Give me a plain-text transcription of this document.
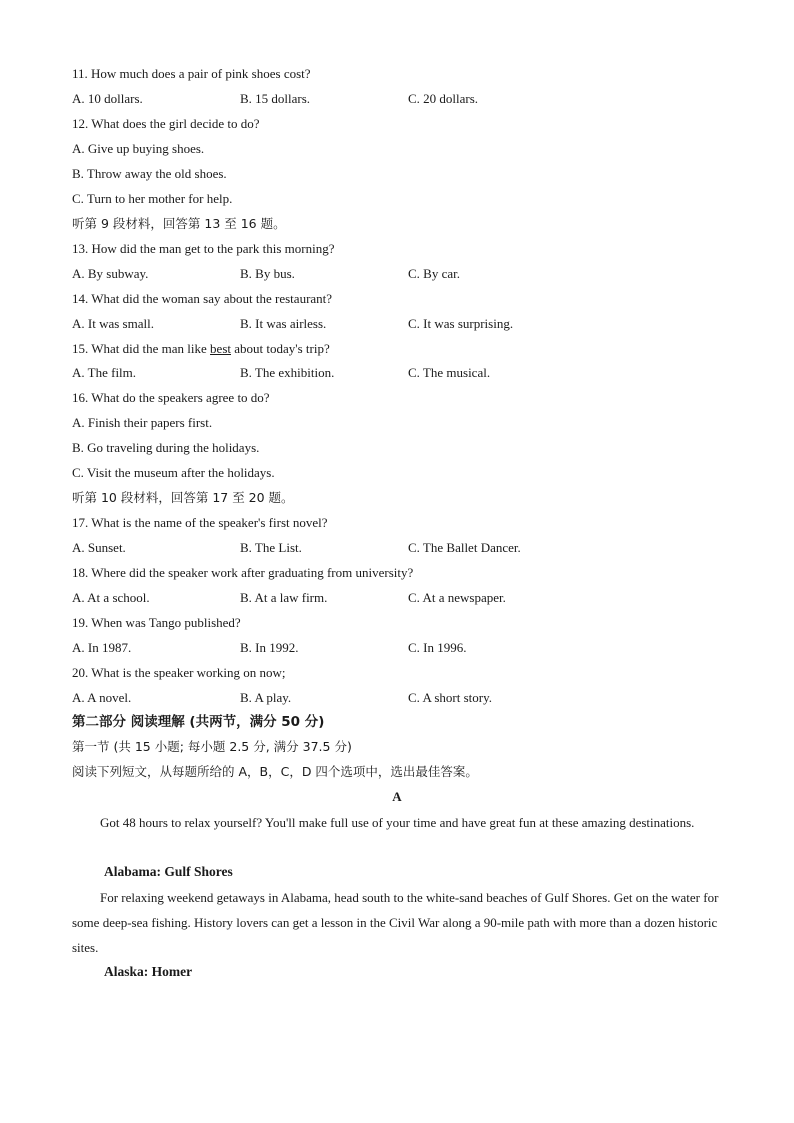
11. How much does a pair of pink shoes cost?
A. 10 dollars.	B. 15 dollars.	C. 20 dollars.
12. What does the girl decide to do?
A. Give up buying shoes.
B. Throw away the old shoes.
C. Turn to her mother for help.
听第 9 段材料，回答第 13 至 16 题。
13. How did the man get to the park this morning?
A. By subway.	B. By bus.	C. By car.
14. What did the woman say about the restaurant?
A. It was small.	B. It was airless.	C. It was surprising.
15. What did the man like best about today's trip?
A. The film.	B. The exhibition.	C. The musical.
16. What do the speakers agree to do?
A. Finish their papers first.
B. Go traveling during the holidays.
C. Visit the museum after the holidays.
听第 10 段材料，回答第 17 至 20 题。
17. What is the name of the speaker's first novel?
A. Sunset.	B. The List.	C. The Ballet Dancer.
18. Where did the speaker work after graduating from university?
A. At a school.	B. At a law firm.	C. At a newspaper.
19. When was Tango published?
A. In 1987.	B. In 1992.	C. In 1996.
20. What is the speaker working on now;
A. A novel.	B. A play.	C. A short story.
第二部分 阅读理解 (共两节，满分 50 分)
第一节 (共 15 小题; 每小题 2.5 分, 满分 37.5 分)
阅读下列短文，从每题所给的 A，B，C，D 四个选项中，选出最佳答案。
A
Got 48 hours to relax yourself? You'll make full use of your time and have great fun at these amazing destinations.
Alabama: Gulf Shores
For relaxing weekend getaways in Alabama, head south to the white-sand beaches of Gulf Shores. Get on the water for some deep-sea fishing. History lovers can get a lesson in the Civil War along a 90-mile path with more than a dozen historic sites.
Alaska: Homer
